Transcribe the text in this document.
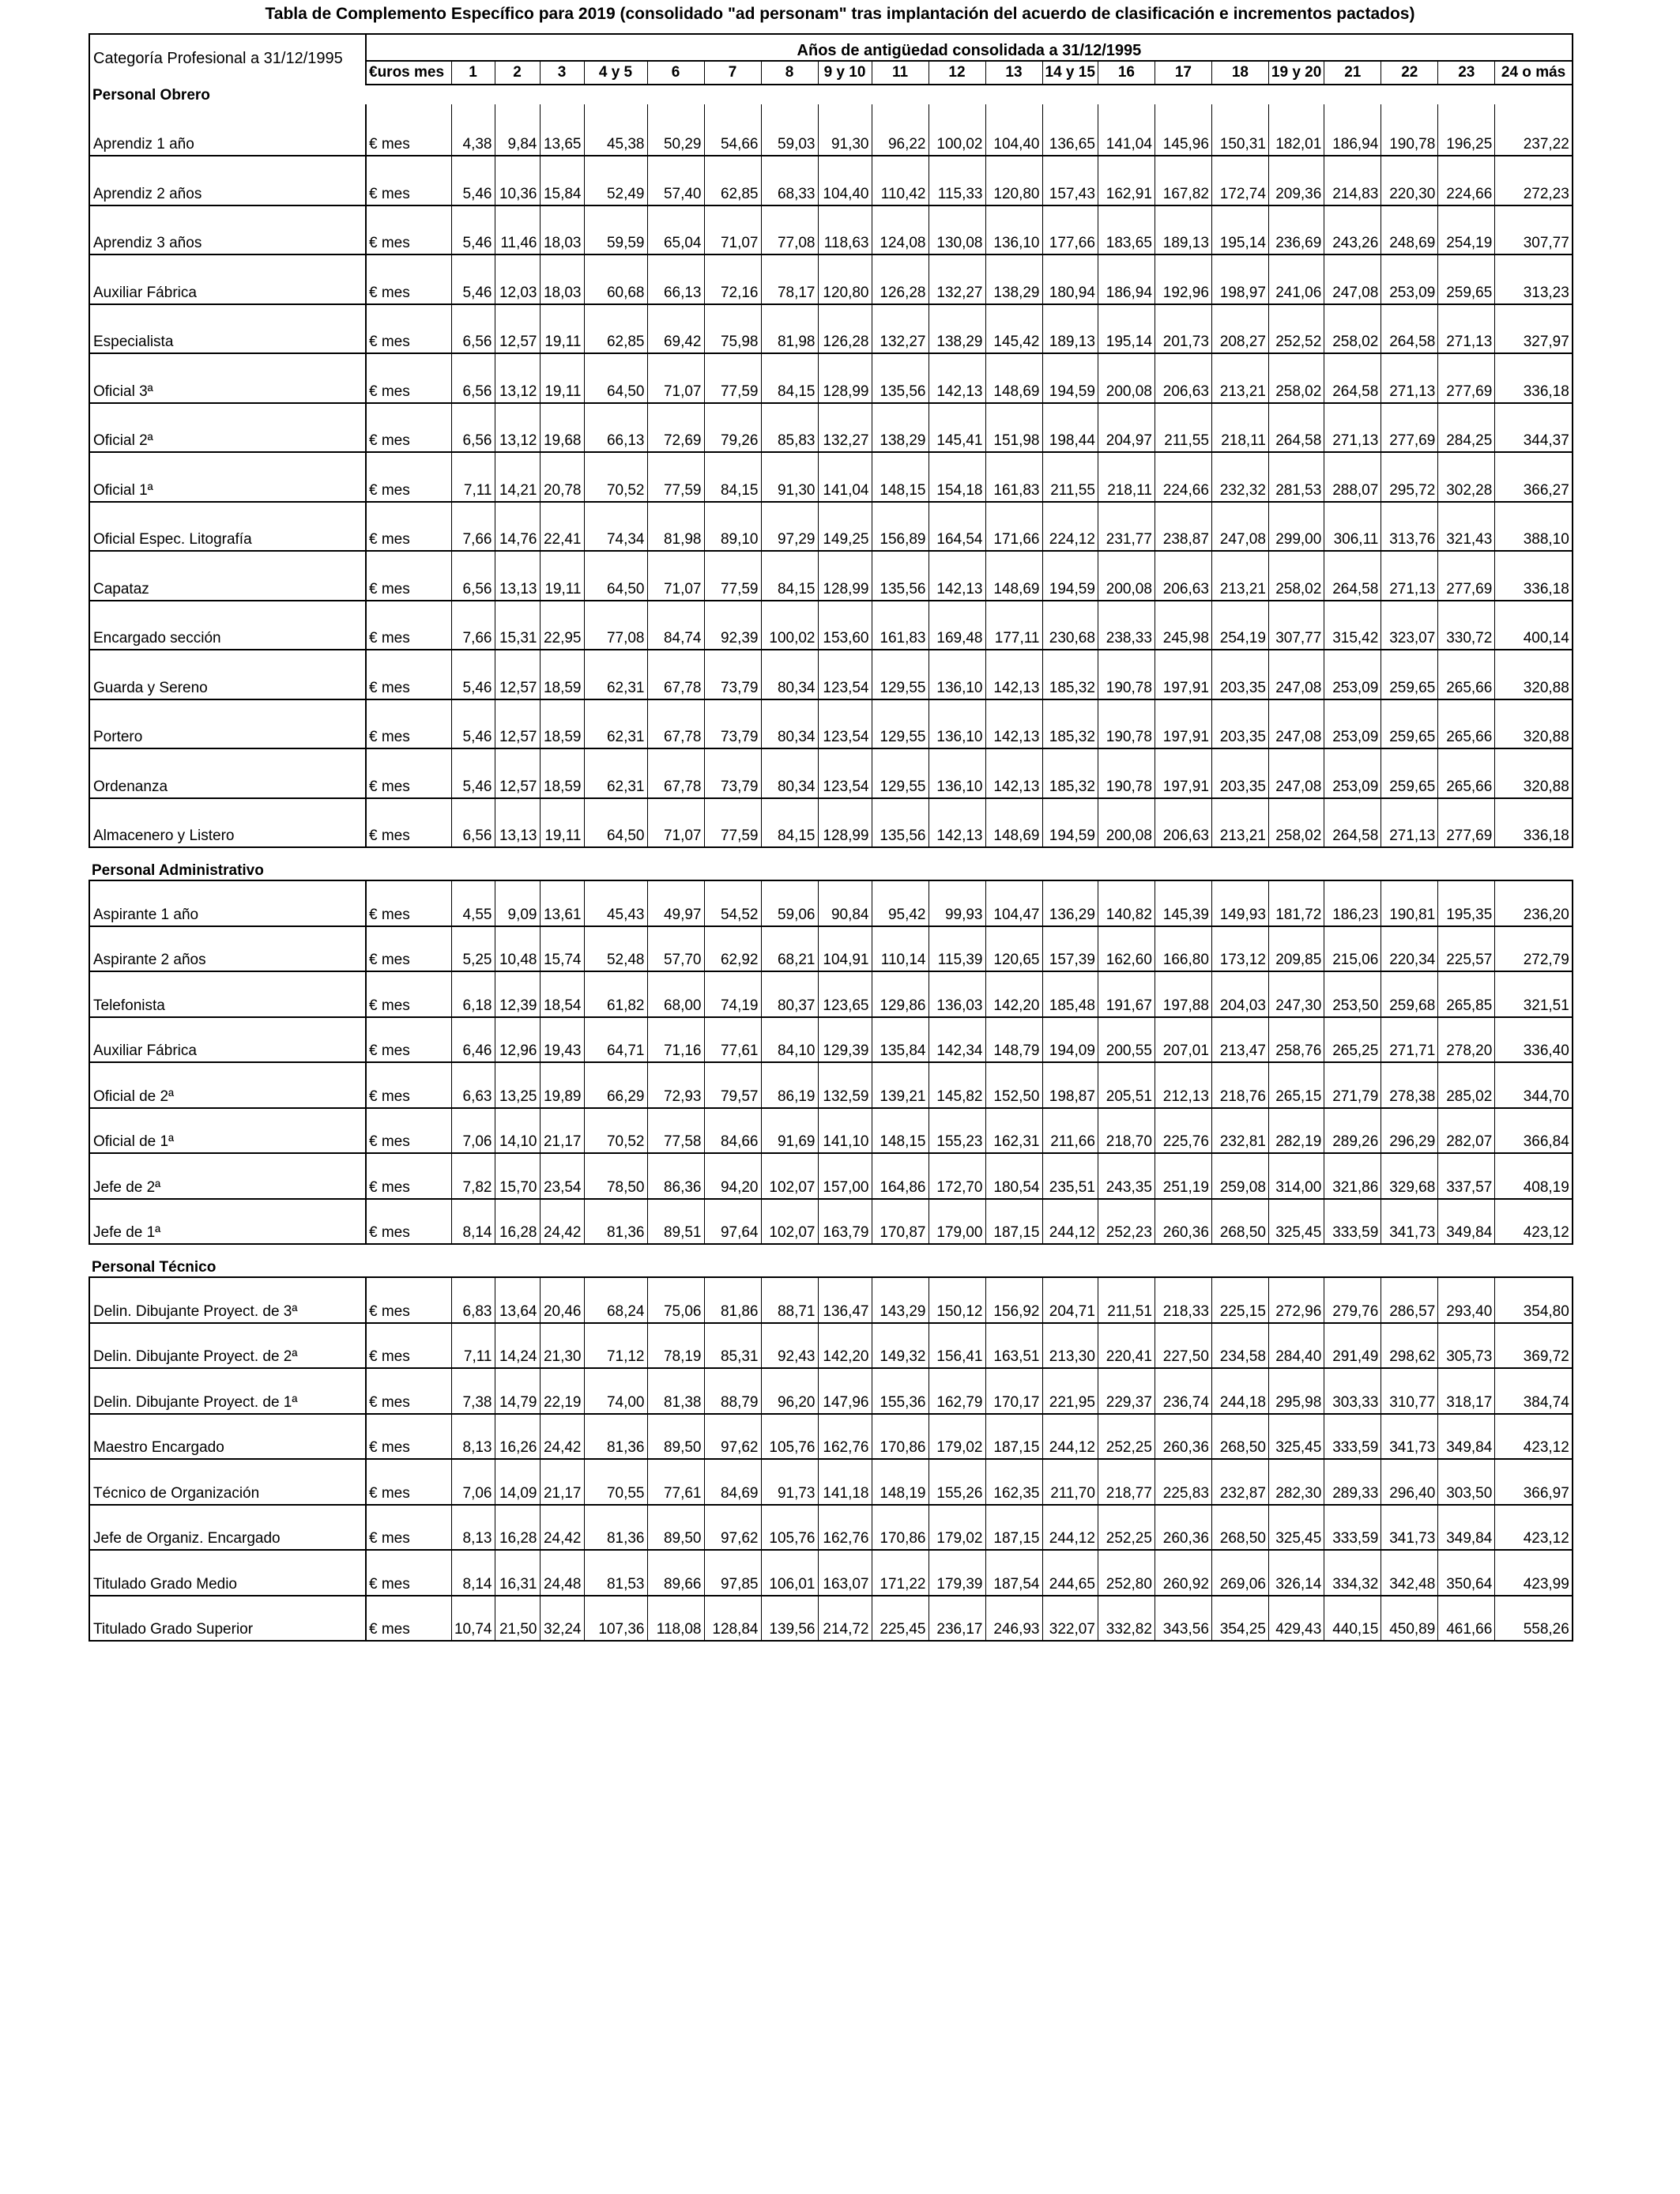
Tabla de Complemento Específico para 2019 (consolidado "ad personam" tras implantación del acuerdo de clasificación e incrementos pactados)
Categoría Profesional a 31/12/1995	Años de antigüedad consolidada a 31/12/1995																				
	€uros mes	1	2	3	4 y 5	6	7	8	9 y 10	11	12	13	14 y 15	16	17	18	19 y 20	21	22	23	24 o más
Personal Obrero																					
Aprendiz 1 año	€ mes	4,38	9,84	13,65	45,38	50,29	54,66	59,03	91,30	96,22	100,02	104,40	136,65	141,04	145,96	150,31	182,01	186,94	190,78	196,25	237,22
Aprendiz 2 años	€ mes	5,46	10,36	15,84	52,49	57,40	62,85	68,33	104,40	110,42	115,33	120,80	157,43	162,91	167,82	172,74	209,36	214,83	220,30	224,66	272,23
Aprendiz 3 años	€ mes	5,46	11,46	18,03	59,59	65,04	71,07	77,08	118,63	124,08	130,08	136,10	177,66	183,65	189,13	195,14	236,69	243,26	248,69	254,19	307,77
Auxiliar Fábrica	€ mes	5,46	12,03	18,03	60,68	66,13	72,16	78,17	120,80	126,28	132,27	138,29	180,94	186,94	192,96	198,97	241,06	247,08	253,09	259,65	313,23
Especialista	€ mes	6,56	12,57	19,11	62,85	69,42	75,98	81,98	126,28	132,27	138,29	145,42	189,13	195,14	201,73	208,27	252,52	258,02	264,58	271,13	327,97
Oficial 3ª	€ mes	6,56	13,12	19,11	64,50	71,07	77,59	84,15	128,99	135,56	142,13	148,69	194,59	200,08	206,63	213,21	258,02	264,58	271,13	277,69	336,18
Oficial 2ª	€ mes	6,56	13,12	19,68	66,13	72,69	79,26	85,83	132,27	138,29	145,41	151,98	198,44	204,97	211,55	218,11	264,58	271,13	277,69	284,25	344,37
Oficial 1ª	€ mes	7,11	14,21	20,78	70,52	77,59	84,15	91,30	141,04	148,15	154,18	161,83	211,55	218,11	224,66	232,32	281,53	288,07	295,72	302,28	366,27
Oficial Espec. Litografía	€ mes	7,66	14,76	22,41	74,34	81,98	89,10	97,29	149,25	156,89	164,54	171,66	224,12	231,77	238,87	247,08	299,00	306,11	313,76	321,43	388,10
Capataz	€ mes	6,56	13,13	19,11	64,50	71,07	77,59	84,15	128,99	135,56	142,13	148,69	194,59	200,08	206,63	213,21	258,02	264,58	271,13	277,69	336,18
Encargado sección	€ mes	7,66	15,31	22,95	77,08	84,74	92,39	100,02	153,60	161,83	169,48	177,11	230,68	238,33	245,98	254,19	307,77	315,42	323,07	330,72	400,14
Guarda y Sereno	€ mes	5,46	12,57	18,59	62,31	67,78	73,79	80,34	123,54	129,55	136,10	142,13	185,32	190,78	197,91	203,35	247,08	253,09	259,65	265,66	320,88
Portero	€ mes	5,46	12,57	18,59	62,31	67,78	73,79	80,34	123,54	129,55	136,10	142,13	185,32	190,78	197,91	203,35	247,08	253,09	259,65	265,66	320,88
Ordenanza	€ mes	5,46	12,57	18,59	62,31	67,78	73,79	80,34	123,54	129,55	136,10	142,13	185,32	190,78	197,91	203,35	247,08	253,09	259,65	265,66	320,88
Almacenero y Listero	€ mes	6,56	13,13	19,11	64,50	71,07	77,59	84,15	128,99	135,56	142,13	148,69	194,59	200,08	206,63	213,21	258,02	264,58	271,13	277,69	336,18

Personal Administrativo																					
Aspirante 1 año	€ mes	4,55	9,09	13,61	45,43	49,97	54,52	59,06	90,84	95,42	99,93	104,47	136,29	140,82	145,39	149,93	181,72	186,23	190,81	195,35	236,20
Aspirante 2 años	€ mes	5,25	10,48	15,74	52,48	57,70	62,92	68,21	104,91	110,14	115,39	120,65	157,39	162,60	166,80	173,12	209,85	215,06	220,34	225,57	272,79
Telefonista	€ mes	6,18	12,39	18,54	61,82	68,00	74,19	80,37	123,65	129,86	136,03	142,20	185,48	191,67	197,88	204,03	247,30	253,50	259,68	265,85	321,51
Auxiliar Fábrica	€ mes	6,46	12,96	19,43	64,71	71,16	77,61	84,10	129,39	135,84	142,34	148,79	194,09	200,55	207,01	213,47	258,76	265,25	271,71	278,20	336,40
Oficial de 2ª	€ mes	6,63	13,25	19,89	66,29	72,93	79,57	86,19	132,59	139,21	145,82	152,50	198,87	205,51	212,13	218,76	265,15	271,79	278,38	285,02	344,70
Oficial de 1ª	€ mes	7,06	14,10	21,17	70,52	77,58	84,66	91,69	141,10	148,15	155,23	162,31	211,66	218,70	225,76	232,81	282,19	289,26	296,29	282,07	366,84
Jefe de 2ª	€ mes	7,82	15,70	23,54	78,50	86,36	94,20	102,07	157,00	164,86	172,70	180,54	235,51	243,35	251,19	259,08	314,00	321,86	329,68	337,57	408,19
Jefe de 1ª	€ mes	8,14	16,28	24,42	81,36	89,51	97,64	102,07	163,79	170,87	179,00	187,15	244,12	252,23	260,36	268,50	325,45	333,59	341,73	349,84	423,12

Personal Técnico																					
Delin. Dibujante Proyect. de 3ª	€ mes	6,83	13,64	20,46	68,24	75,06	81,86	88,71	136,47	143,29	150,12	156,92	204,71	211,51	218,33	225,15	272,96	279,76	286,57	293,40	354,80
Delin. Dibujante Proyect. de 2ª	€ mes	7,11	14,24	21,30	71,12	78,19	85,31	92,43	142,20	149,32	156,41	163,51	213,30	220,41	227,50	234,58	284,40	291,49	298,62	305,73	369,72
Delin. Dibujante Proyect. de 1ª	€ mes	7,38	14,79	22,19	74,00	81,38	88,79	96,20	147,96	155,36	162,79	170,17	221,95	229,37	236,74	244,18	295,98	303,33	310,77	318,17	384,74
Maestro Encargado	€ mes	8,13	16,26	24,42	81,36	89,50	97,62	105,76	162,76	170,86	179,02	187,15	244,12	252,25	260,36	268,50	325,45	333,59	341,73	349,84	423,12
Técnico de Organización	€ mes	7,06	14,09	21,17	70,55	77,61	84,69	91,73	141,18	148,19	155,26	162,35	211,70	218,77	225,83	232,87	282,30	289,33	296,40	303,50	366,97
Jefe de Organiz. Encargado	€ mes	8,13	16,28	24,42	81,36	89,50	97,62	105,76	162,76	170,86	179,02	187,15	244,12	252,25	260,36	268,50	325,45	333,59	341,73	349,84	423,12
Titulado Grado Medio	€ mes	8,14	16,31	24,48	81,53	89,66	97,85	106,01	163,07	171,22	179,39	187,54	244,65	252,80	260,92	269,06	326,14	334,32	342,48	350,64	423,99
Titulado Grado Superior	€ mes	10,74	21,50	32,24	107,36	118,08	128,84	139,56	214,72	225,45	236,17	246,93	322,07	332,82	343,56	354,25	429,43	440,15	450,89	461,66	558,26
